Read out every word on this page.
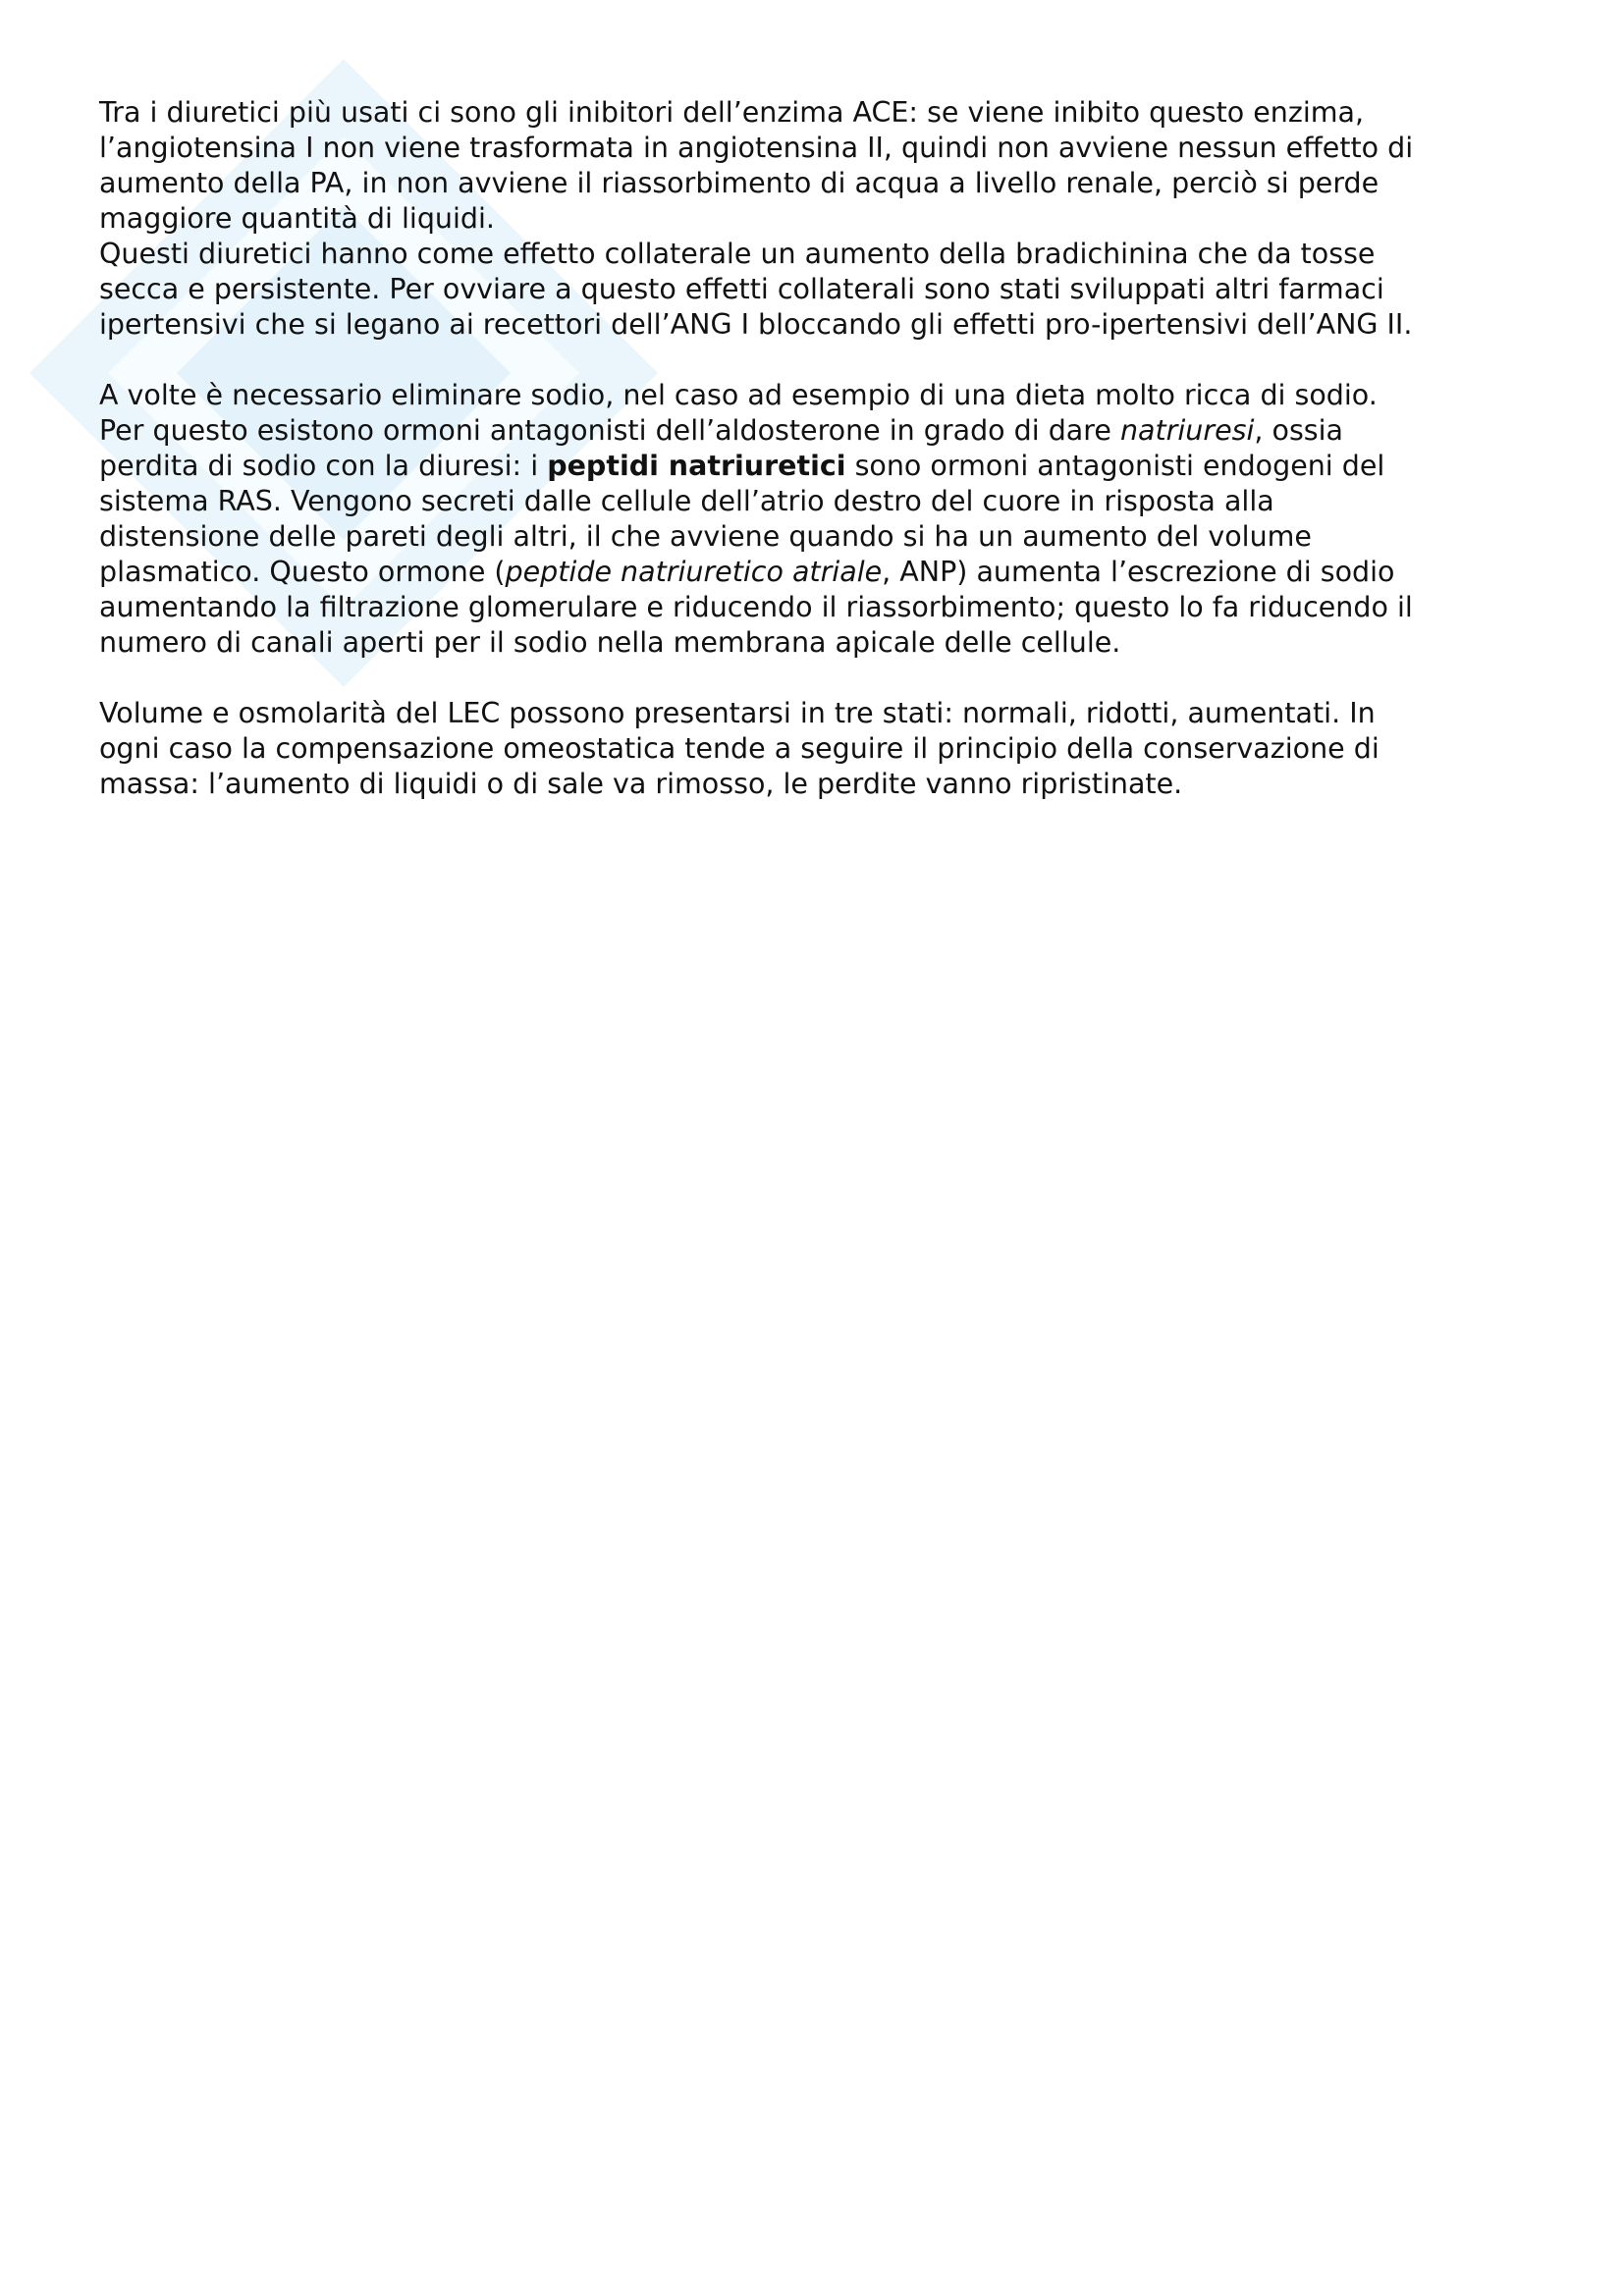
Tra i diuretici più usati ci sono gli inibitori dell’enzima ACE: se viene inibito questo enzima,
l’angiotensina I non viene trasformata in angiotensina II, quindi non avviene nessun effetto di
aumento della PA, in non avviene il riassorbimento di acqua a livello renale, perciò si perde
maggiore quantità di liquidi.
Questi diuretici hanno come effetto collaterale un aumento della bradichinina che da tosse
secca e persistente. Per ovviare a questo effetti collaterali sono stati sviluppati altri farmaci
ipertensivi che si legano ai recettori dell’ANG I bloccando gli effetti pro-ipertensivi dell’ANG II.
A volte è necessario eliminare sodio, nel caso ad esempio di una dieta molto ricca di sodio.
Per questo esistono ormoni antagonisti dell’aldosterone in grado di dare natriuresi, ossia
perdita di sodio con la diuresi: i peptidi natriuretici sono ormoni antagonisti endogeni del
sistema RAS. Vengono secreti dalle cellule dell’atrio destro del cuore in risposta alla
distensione delle pareti degli altri, il che avviene quando si ha un aumento del volume
plasmatico. Questo ormone (peptide natriuretico atriale, ANP) aumenta l’escrezione di sodio
aumentando la filtrazione glomerulare e riducendo il riassorbimento; questo lo fa riducendo il
numero di canali aperti per il sodio nella membrana apicale delle cellule.
Volume e osmolarità del LEC possono presentarsi in tre stati: normali, ridotti, aumentati. In
ogni caso la compensazione omeostatica tende a seguire il principio della conservazione di
massa: l’aumento di liquidi o di sale va rimosso, le perdite vanno ripristinate.
